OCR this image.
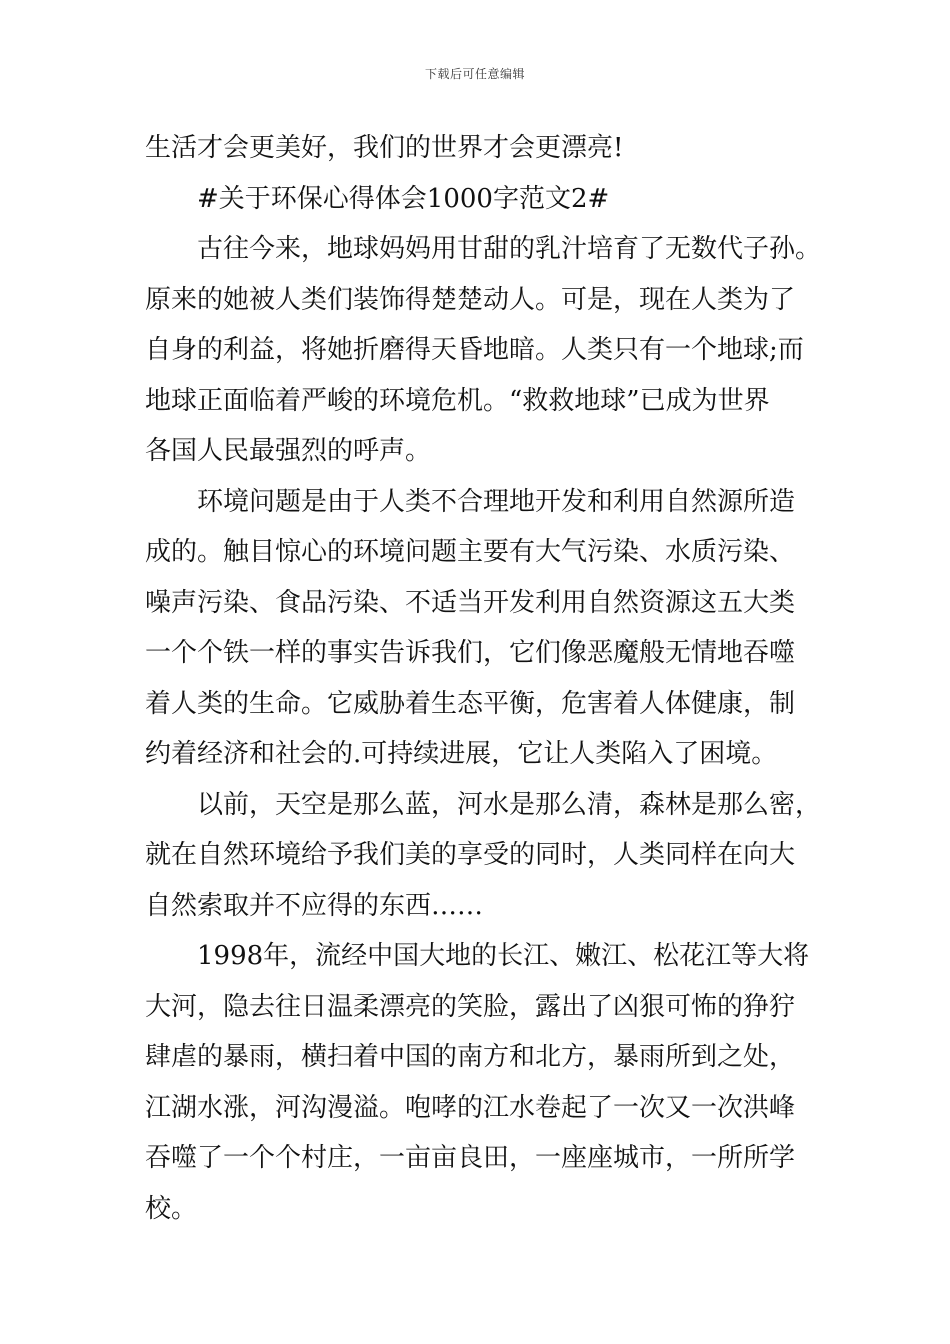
下载后可任意编辑
生活才会更美好，我们的世界才会更漂亮!
#关于环保心得体会1000字范文2#
古往今来，地球妈妈用甘甜的乳汁培育了无数代子孙。
原来的她被人类们装饰得楚楚动人。可是，现在人类为了
自身的利益，将她折磨得天昏地暗。人类只有一个地球;而
地球正面临着严峻的环境危机。“救救地球”已成为世界
各国人民最强烈的呼声。
环境问题是由于人类不合理地开发和利用自然源所造
成的。触目惊心的环境问题主要有大气污染、水质污染、
噪声污染、食品污染、不适当开发利用自然资源这五大类
一个个铁一样的事实告诉我们，它们像恶魔般无情地吞噬
着人类的生命。它威胁着生态平衡，危害着人体健康，制
约着经济和社会的.可持续进展，它让人类陷入了困境。
以前，天空是那么蓝，河水是那么清，森林是那么密，
就在自然环境给予我们美的享受的同时，人类同样在向大
自然索取并不应得的东西……
1998年，流经中国大地的长江、嫩江、松花江等大将
大河，隐去往日温柔漂亮的笑脸，露出了凶狠可怖的狰狞
肆虐的暴雨，横扫着中国的南方和北方，暴雨所到之处，
江湖水涨，河沟漫溢。咆哮的江水卷起了一次又一次洪峰
吞噬了一个个村庄，一亩亩良田，一座座城市，一所所学
校。
